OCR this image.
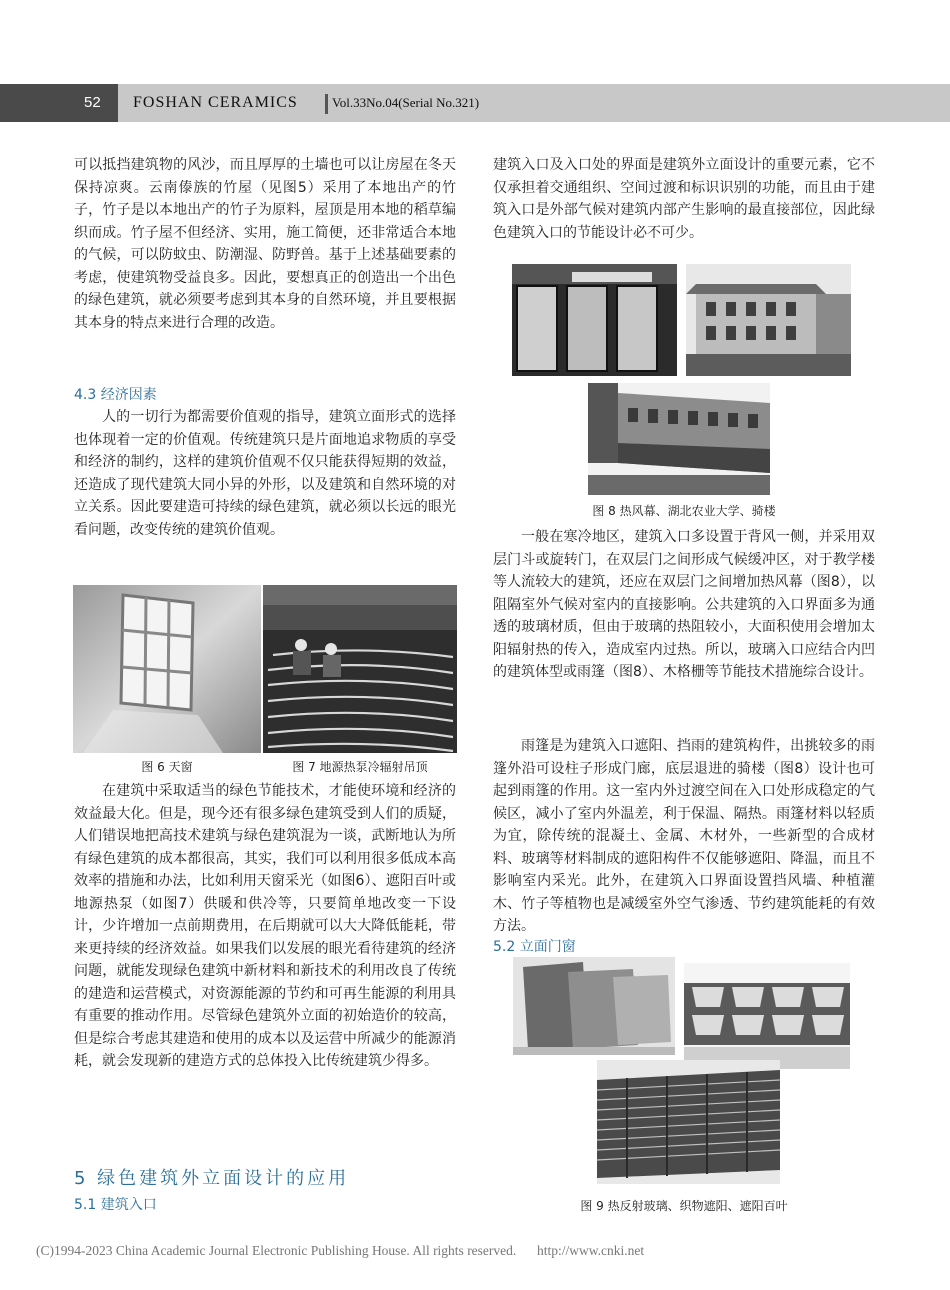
52 FOSHAN CERAMICS	Vol.33No.04(Serial No.321)

可以抵挡建筑物的风沙，而且厚厚的土墙也可以让房屋在冬天保持凉爽。云南傣族的竹屋（见图5）采用了本地出产的竹子，竹子是以本地出产的竹子为原料，屋顶是用本地的稻草编织而成。竹子屋不但经济、实用，施工简便，还非常适合本地的气候，可以防蚊虫、防潮湿、防野兽。基于上述基础要素的考虑，使建筑物受益良多。因此，要想真正的创造出一个出色的绿色建筑，就必须要考虑到其本身的自然环境，并且要根据其本身的特点来进行合理的改造。

4.3 经济因素

人的一切行为都需要价值观的指导，建筑立面形式的选择也体现着一定的价值观。传统建筑只是片面地追求物质的享受和经济的制约，这样的建筑价值观不仅只能获得短期的效益，还造成了现代建筑大同小异的外形，以及建筑和自然环境的对立关系。因此要建造可持续的绿色建筑，就必须以长远的眼光看问题，改变传统的建筑价值观。

图 6 天窗	图 7 地源热泵冷辐射吊顶

在建筑中采取适当的绿色节能技术，才能使环境和经济的效益最大化。但是，现今还有很多绿色建筑受到人们的质疑，人们错误地把高技术建筑与绿色建筑混为一谈，武断地认为所有绿色建筑的成本都很高，其实，我们可以利用很多低成本高效率的措施和办法，比如利用天窗采光（如图6）、遮阳百叶或地源热泵（如图7）供暖和供冷等，只要简单地改变一下设计，少许增加一点前期费用，在后期就可以大大降低能耗，带来更持续的经济效益。如果我们以发展的眼光看待建筑的经济问题，就能发现绿色建筑中新材料和新技术的利用改良了传统的建造和运营模式，对资源能源的节约和可再生能源的利用具有重要的推动作用。尽管绿色建筑外立面的初始造价的较高，但是综合考虑其建造和使用的成本以及运营中所减少的能源消耗，就会发现新的建造方式的总体投入比传统建筑少得多。

5 绿色建筑外立面设计的应用
5.1 建筑入口

建筑入口及入口处的界面是建筑外立面设计的重要元素，它不仅承担着交通组织、空间过渡和标识识别的功能，而且由于建筑入口是外部气候对建筑内部产生影响的最直接部位，因此绿色建筑入口的节能设计必不可少。

图 8 热风幕、湖北农业大学、骑楼

一般在寒冷地区，建筑入口多设置于背风一侧，并采用双层门斗或旋转门，在双层门之间形成气候缓冲区，对于教学楼等人流较大的建筑，还应在双层门之间增加热风幕（图8），以阻隔室外气候对室内的直接影响。公共建筑的入口界面多为通透的玻璃材质，但由于玻璃的热阻较小，大面积使用会增加太阳辐射热的传入，造成室内过热。所以，玻璃入口应结合内凹的建筑体型或雨篷（图8）、木格栅等节能技术措施综合设计。

雨篷是为建筑入口遮阳、挡雨的建筑构件，出挑较多的雨篷外沿可设柱子形成门廊，底层退进的骑楼（图8）设计也可起到雨篷的作用。这一室内外过渡空间在入口处形成稳定的气候区，减小了室内外温差，利于保温、隔热。雨篷材料以轻质为宜，除传统的混凝土、金属、木材外，一些新型的合成材料、玻璃等材料制成的遮阳构件不仅能够遮阳、降温，而且不影响室内采光。此外，在建筑入口界面设置挡风墙、种植灌木、竹子等植物也是减缓室外空气渗透、节约建筑能耗的有效方法。

5.2 立面门窗
图 9 热反射玻璃、织物遮阳、遮阳百叶
(C)1994-2023 China Academic Journal Electronic Publishing House. All rights reserved. http://www.cnki.net
